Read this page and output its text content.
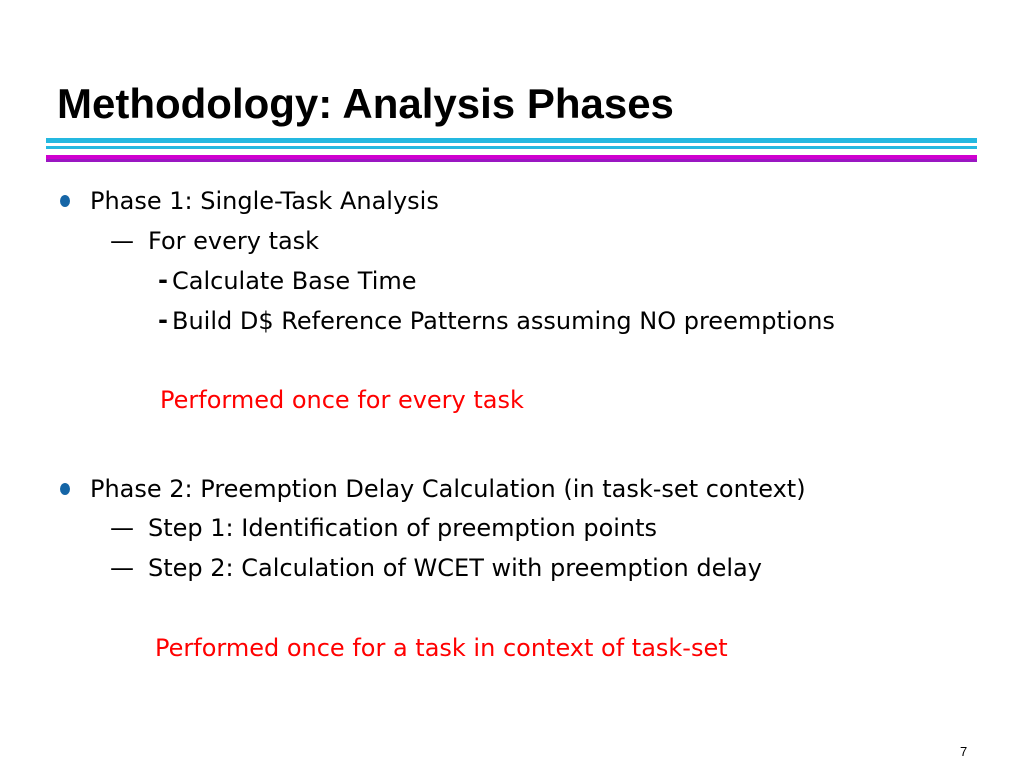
Methodology: Analysis Phases
Phase 1: Single-Task Analysis
— For every task
- Calculate Base Time
- Build D$ Reference Patterns assuming NO preemptions
Performed once for every task
Phase 2: Preemption Delay Calculation (in task-set context)
— Step 1: Identification of preemption points
— Step 2: Calculation of WCET with preemption delay
Performed once for a task in context of task-set
7
